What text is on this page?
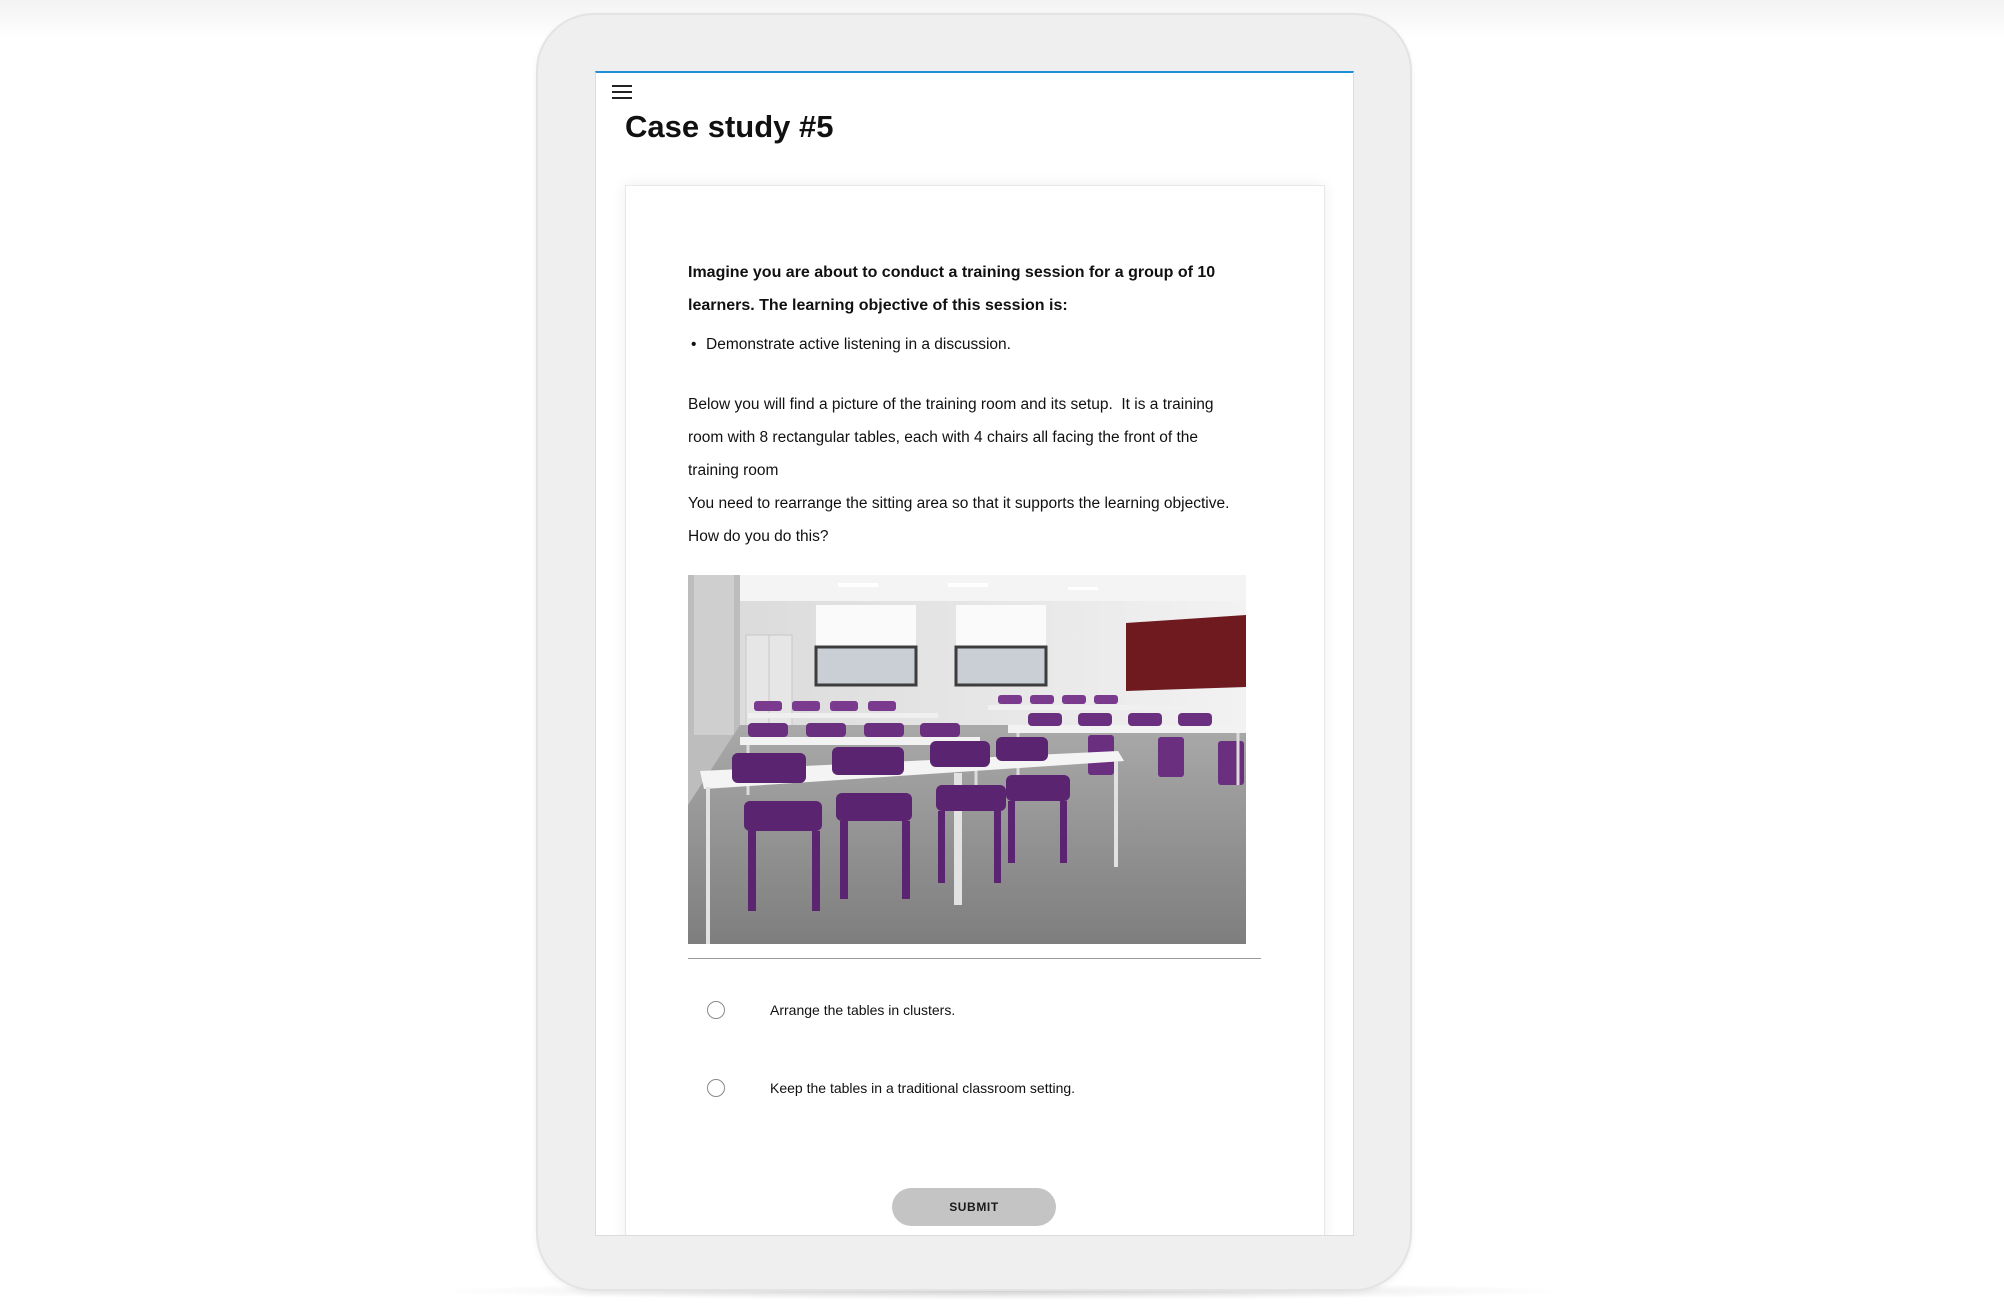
Case study #5

Imagine you are about to conduct a training session for a group of 10 learners. The learning objective of this session is:

• Demonstrate active listening in a discussion.

Below you will find a picture of the training room and its setup.  It is a training room with 8 rectangular tables, each with 4 chairs all facing the front of the training room

You need to rearrange the sitting area so that it supports the learning objective. How do you do this?

Arrange the tables in clusters.
Keep the tables in a traditional classroom setting.
SUBMIT
